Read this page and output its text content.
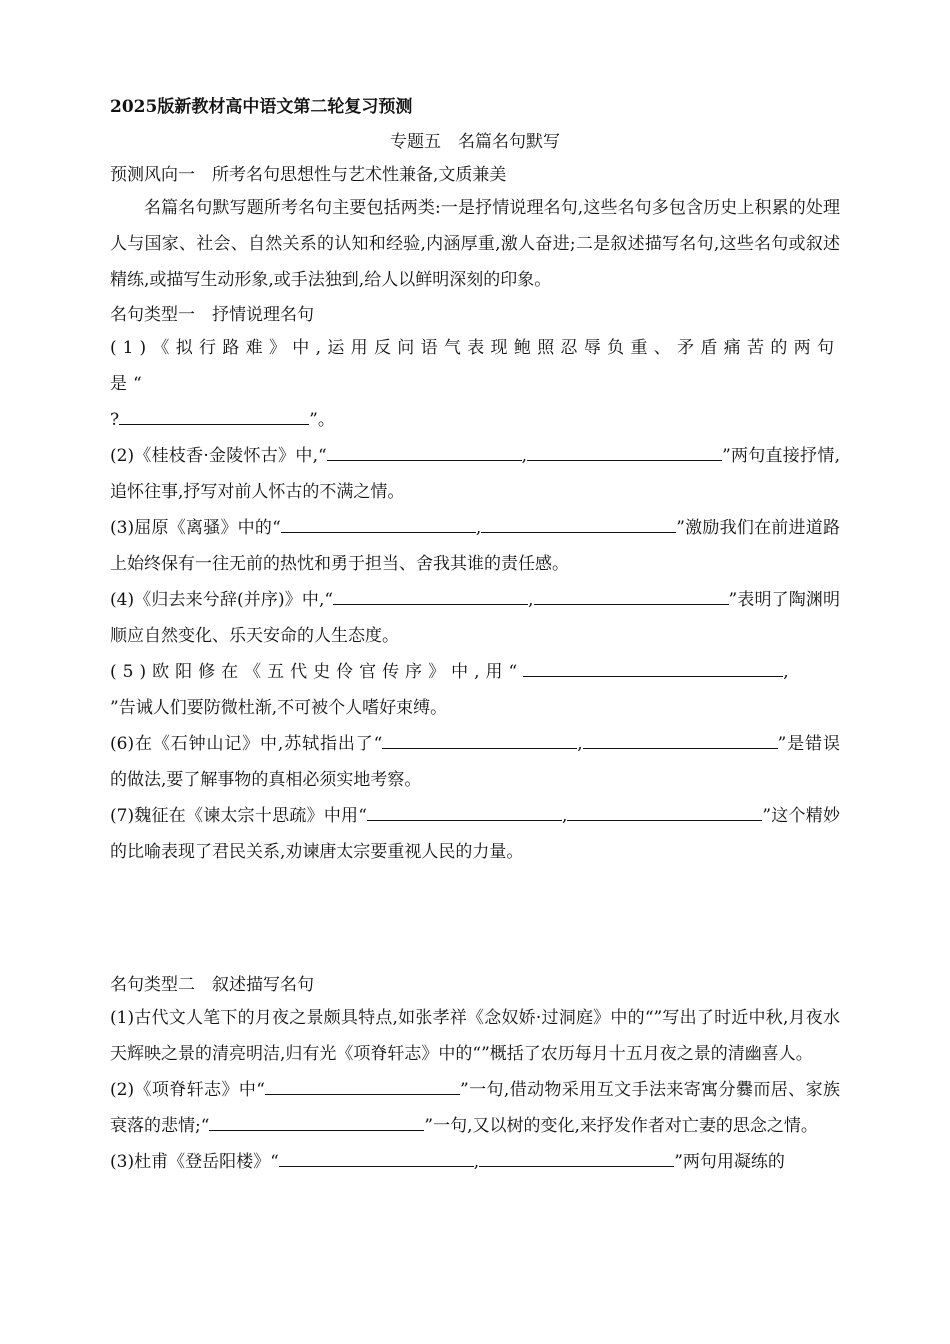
2025版新教材高中语文第二轮复习预测
专题五　名篇名句默写
预测风向一　所考名句思想性与艺术性兼备,文质兼美
名篇名句默写题所考名句主要包括两类:一是抒情说理名句,这些名句多包含历史上积累的处理人与国家、社会、自然关系的认知和经验,内涵厚重,激人奋进;二是叙述描写名句,这些名句或叙述精练,或描写生动形象,或手法独到,给人以鲜明深刻的印象。
名句类型一　抒情说理名句
(1)《拟行路难》中,运用反问语气表现鲍照忍辱负重、矛盾痛苦的两句是“
?	”。
(2)《桂枝香·金陵怀古》中,“	,	”两句直接抒情,追怀往事,抒写对前人怀古的不满之情。
(3)屈原《离骚》中的“	,	”激励我们在前进道路上始终保有一往无前的热忱和勇于担当、舍我其谁的责任感。
(4)《归去来兮辞(并序)》中,“	,	”表明了陶渊明顺应自然变化、乐天安命的人生态度。
(5)欧阳修在《五代史伶官传序》中,用“	,
”告诫人们要防微杜渐,不可被个人嗜好束缚。
(6)在《石钟山记》中,苏轼指出了“	,	”是错误的做法,要了解事物的真相必须实地考察。
(7)魏征在《谏太宗十思疏》中用“	,	”这个精妙的比喻表现了君民关系,劝谏唐太宗要重视人民的力量。
名句类型二　叙述描写名句
(1)古代文人笔下的月夜之景颇具特点,如张孝祥《念奴娇·过洞庭》中的“”写出了时近中秋,月夜水天辉映之景的清亮明洁,归有光《项脊轩志》中的“”概括了农历每月十五月夜之景的清幽喜人。
(2)《项脊轩志》中“	”一句,借动物采用互文手法来寄寓分爨而居、家族衰落的悲情;“	”一句,又以树的变化,来抒发作者对亡妻的思念之情。
(3)杜甫《登岳阳楼》“	,	”两句用凝练的
